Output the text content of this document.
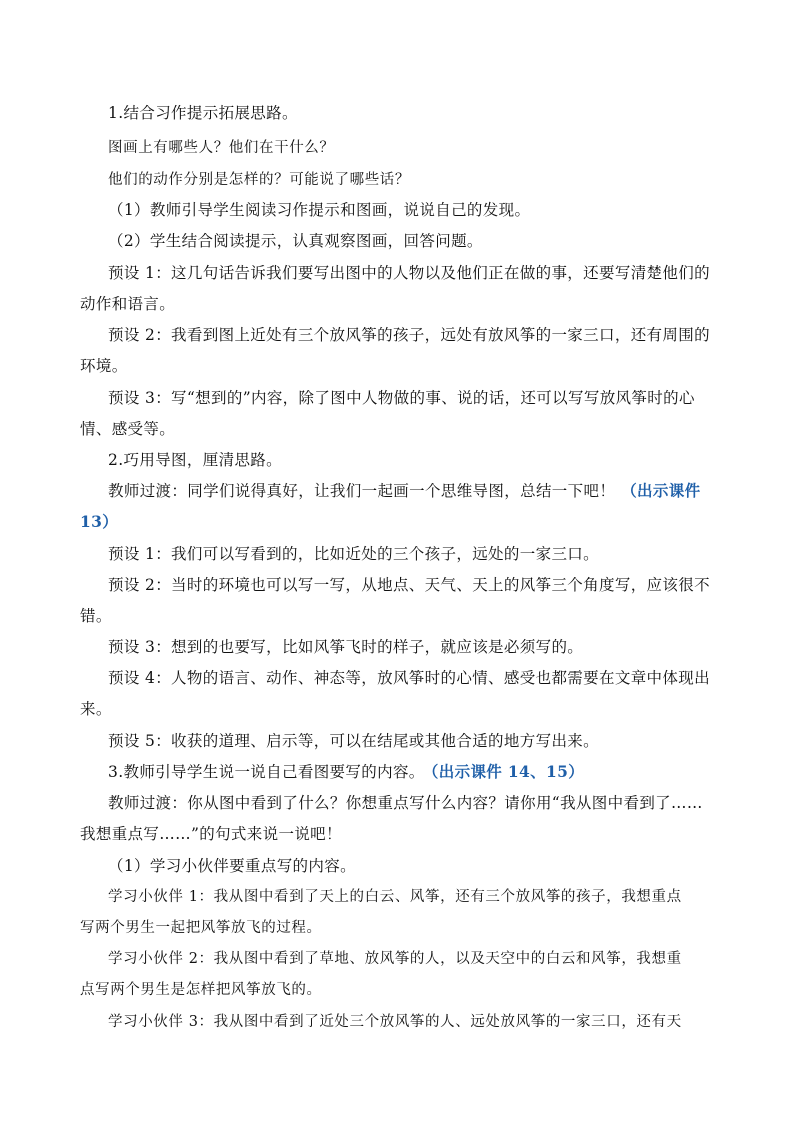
1.结合习作提示拓展思路。
图画上有哪些人？他们在干什么？
他们的动作分别是怎样的？可能说了哪些话？
（1）教师引导学生阅读习作提示和图画，说说自己的发现。
（2）学生结合阅读提示，认真观察图画，回答问题。
预设 1：这几句话告诉我们要写出图中的人物以及他们正在做的事，还要写清楚他们的
动作和语言。
预设 2：我看到图上近处有三个放风筝的孩子，远处有放风筝的一家三口，还有周围的
环境。
预设 3：写“想到的”内容，除了图中人物做的事、说的话，还可以写写放风筝时的心
情、感受等。
2.巧用导图，厘清思路。
教师过渡：同学们说得真好，让我们一起画一个思维导图，总结一下吧！ （出示课件
13）
预设 1：我们可以写看到的，比如近处的三个孩子，远处的一家三口。
预设 2：当时的环境也可以写一写，从地点、天气、天上的风筝三个角度写，应该很不
错。
预设 3：想到的也要写，比如风筝飞时的样子，就应该是必须写的。
预设 4：人物的语言、动作、神态等，放风筝时的心情、感受也都需要在文章中体现出
来。
预设 5：收获的道理、启示等，可以在结尾或其他合适的地方写出来。
3.教师引导学生说一说自己看图要写的内容。 （出示课件 14、15）
教师过渡：你从图中看到了什么？你想重点写什么内容？请你用“我从图中看到了……
我想重点写……”的句式来说一说吧！
（1）学习小伙伴要重点写的内容。
学习小伙伴 1：我从图中看到了天上的白云、风筝，还有三个放风筝的孩子，我想重点
写两个男生一起把风筝放飞的过程。
学习小伙伴 2：我从图中看到了草地、放风筝的人，以及天空中的白云和风筝，我想重
点写两个男生是怎样把风筝放飞的。
学习小伙伴 3：我从图中看到了近处三个放风筝的人、远处放风筝的一家三口，还有天
